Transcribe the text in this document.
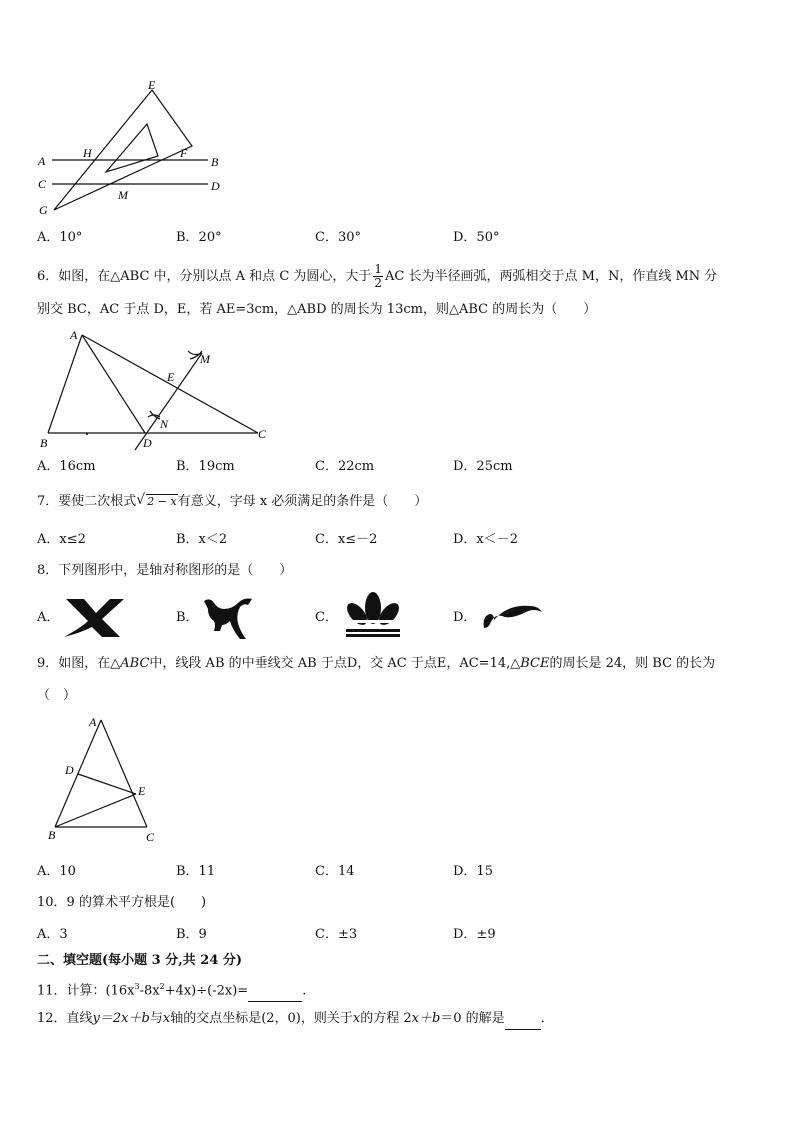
E
H	F
A	B
C	D
M
G
A．10°	B．20°	C．30°	D．50°
6．如图，在△ABC 中，分别以点 A 和点 C 为圆心，大于 $\frac{1}{2}$ AC 长为半径画弧，两弧相交于点 M，N，作直线 MN 分
别交 BC，AC 于点 D，E，若 AE=3cm，△ABD 的周长为 13cm，则△ABC 的周长为（　　）
A
M
E
N
B	D
C
A．16cm	B．19cm	C．22cm	D．25cm
7．要使二次根式 √ 2 − x有意义，字母 x 必须满足的条件是（　　）
A．x≤2	B．x＜2	C．x≤－2	D．x＜－2
8．下列图形中，是轴对称图形的是（　　）
A．	B．	C．	D．
9．如图，在△ABC中，线段 AB 的中垂线交 AB 于点D，交 AC 于点E，AC=14,△BCE的周长是 24，则 BC 的长为
（　）
A
D
E
B	C
A．10	B．11	C．14	D．15
10．9 的算术平方根是(　　)
A．3	B．9	C．±3	D．±9
二、填空题(每小题 3 分,共 24 分)
11．计算：$(16x^3-8x^2+4x)\div(-2x)=$	.
12．直线y＝2x＋b与x轴的交点坐标是(2，0)，则关于x的方程 2x＋b＝0 的解是	．
